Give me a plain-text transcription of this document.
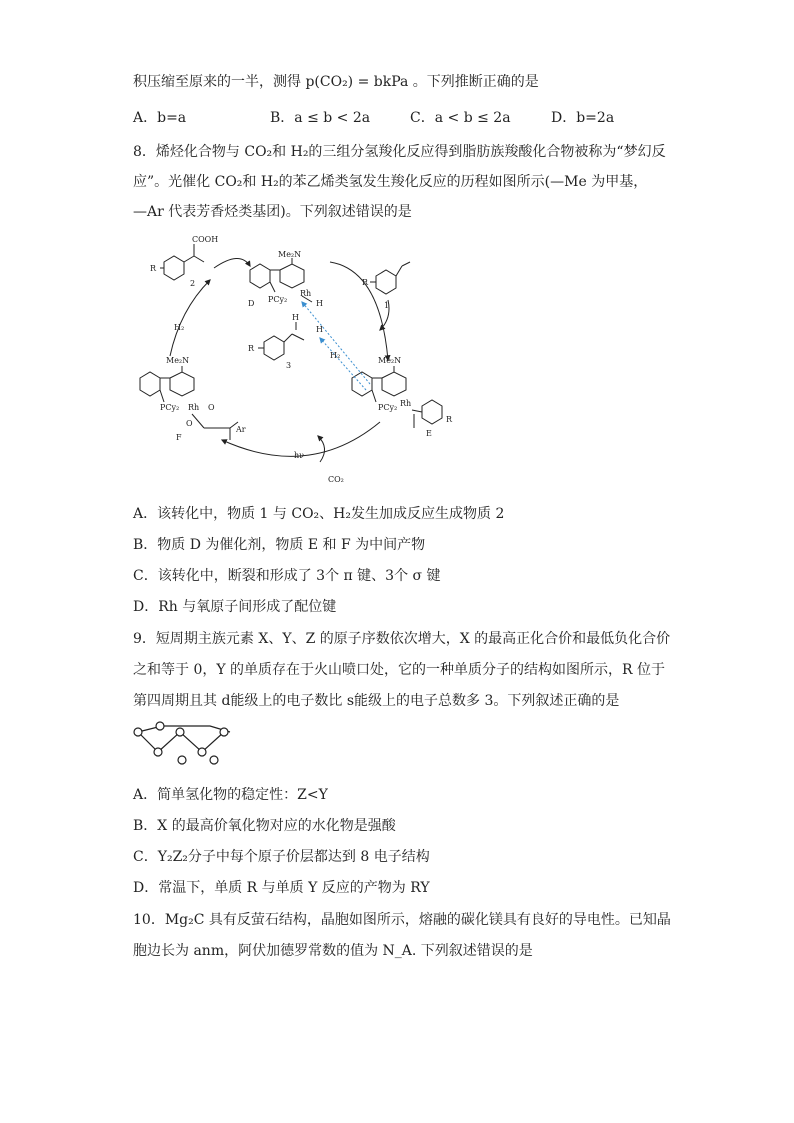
积压缩至原来的一半，测得 p(CO₂) = bkPa 。下列推断正确的是
A．b=a	B．a ≤ b < 2a	C．a < b ≤ 2a	D．b=2a
8．烯烃化合物与 CO₂和 H₂的三组分氢羧化反应得到脂肪族羧酸化合物被称为“梦幻反
应”。光催化 CO₂和 H₂的苯乙烯类氢发生羧化反应的历程如图所示(—Me 为甲基，
—Ar 代表芳香烃类基团)。下列叙述错误的是
COOH
R
2
H₂
Me₂N
Rh
H
PCy₂
D
R
1
H
H
H₂
R
3
Me₂N
PCy₂ Rh O
O
Ar
F
Me₂N
PCy₂ Rh
R
E
hν
CO₂
A．该转化中，物质 1 与 CO₂、H₂发生加成反应生成物质 2
B．物质 D 为催化剂，物质 E 和 F 为中间产物
C．该转化中，断裂和形成了 3个 π 键、3个 σ 键
D．Rh 与氧原子间形成了配位键
9．短周期主族元素 X、Y、Z 的原子序数依次增大，X 的最高正化合价和最低负化合价
之和等于 0，Y 的单质存在于火山喷口处，它的一种单质分子的结构如图所示，R 位于
第四周期且其 d能级上的电子数比 s能级上的电子总数多 3。下列叙述正确的是
A．简单氢化物的稳定性：Z<Y
B．X 的最高价氧化物对应的水化物是强酸
C．Y₂Z₂分子中每个原子价层都达到 8 电子结构
D．常温下，单质 R 与单质 Y 反应的产物为 RY
10．Mg₂C 具有反萤石结构，晶胞如图所示，熔融的碳化镁具有良好的导电性。已知晶
胞边长为 anm，阿伏加德罗常数的值为 N_A. 下列叙述错误的是
